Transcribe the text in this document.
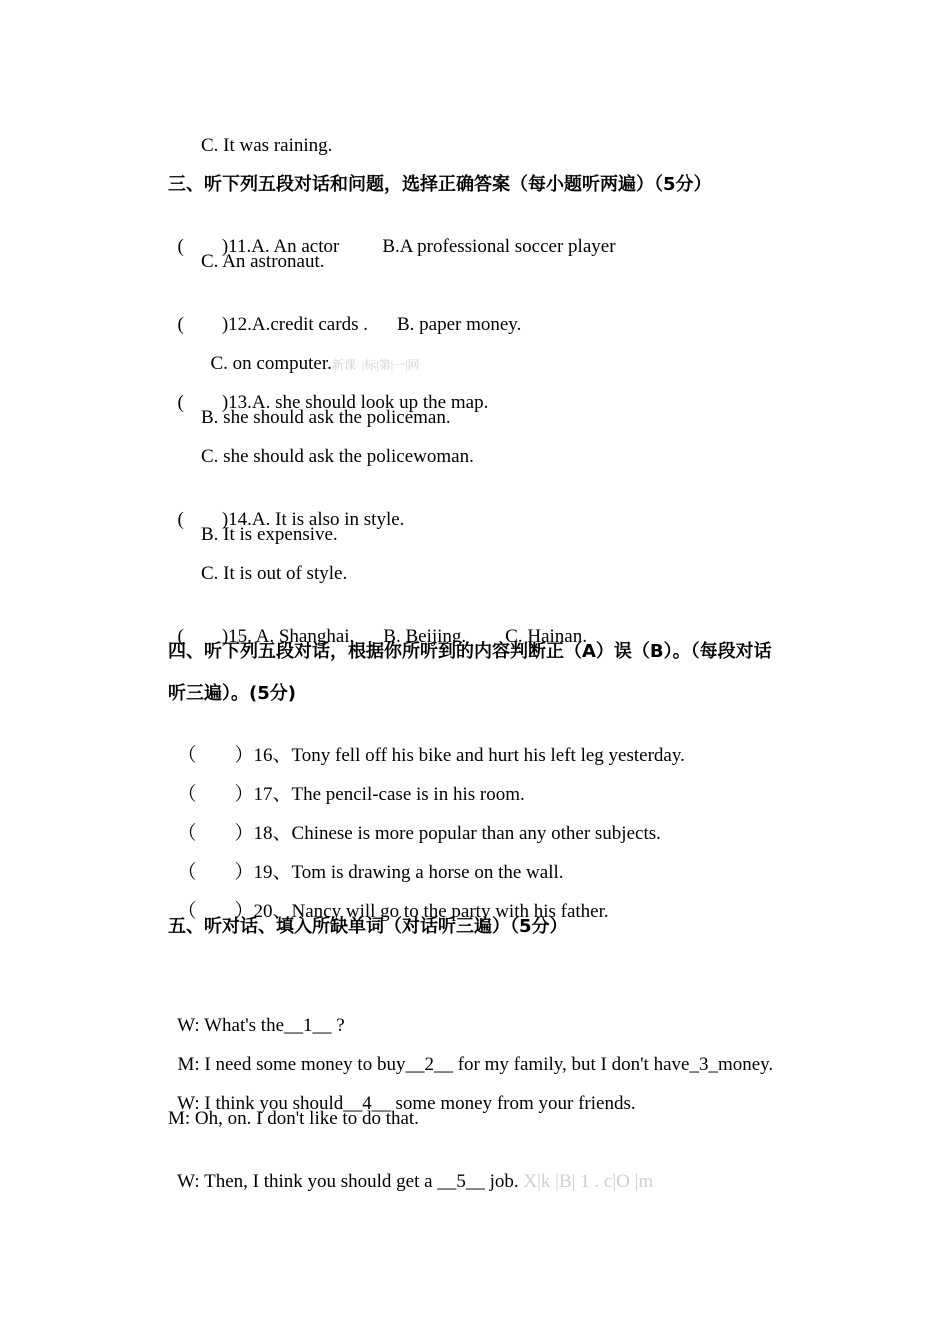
C. It was raining.
三、听下列五段对话和问题，选择正确答案（每小题听两遍）（5分）

(        )11.A. An actor B.A professional soccer player

C. An astronaut.

(        )12.A.credit cards . B. paper money.

C. on computer.新课  |标|第|一|网

(        )13.A. she should look up the map.

B. she should ask the policeman.
C. she should ask the policewoman.

(        )14.A. It is also in style.

B. It is expensive.
C. It is out of style.

(        )15. A. Shanghai. B. Beijing. C. Hainan.

四、听下列五段对话，根据你所听到的内容判断正（A）误（B）。（每段对话
听三遍）。(5分)

（        ）16、Tony fell off his bike and hurt his left leg yesterday.

（        ）17、The pencil-case is in his room.

（        ）18、Chinese is more popular than any other subjects.

（        ）19、Tom is drawing a horse on the wall.

（        ）20、Nancy will go to the party with his father.

五、听对话、填入所缺单词（对话听三遍）（5分）

W: What's the__1__ ?

M: I need some money to buy__2__ for my family, but I don't have_3_money.

W: I think you should__4__ some money from your friends.

M: Oh, on. I don't like to do that.

W: Then, I think you should get a __5__ job. X|k |B| 1 . c|O |m
